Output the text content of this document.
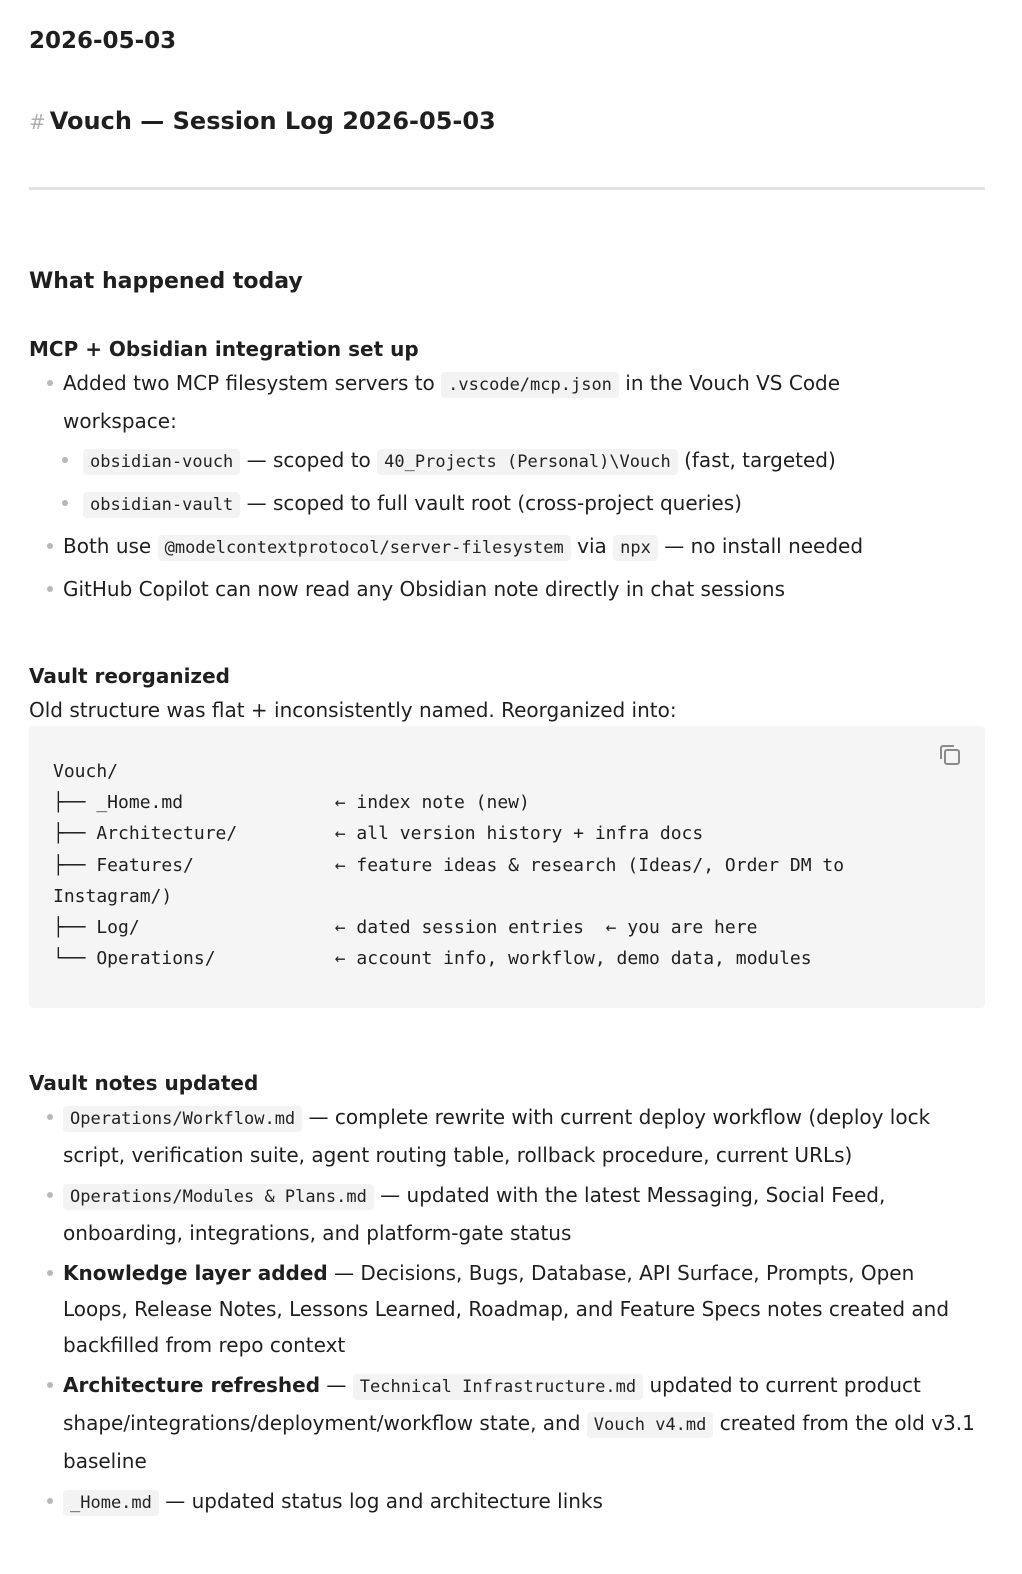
2026-05-03
# Vouch — Session Log 2026-05-03
What happened today
MCP + Obsidian integration set up
Added two MCP filesystem servers to .vscode/mcp.json in the Vouch VS Code workspace:
obsidian-vouch — scoped to 40_Projects (Personal)\Vouch (fast, targeted)
obsidian-vault — scoped to full vault root (cross-project queries)
Both use @modelcontextprotocol/server-filesystem via npx — no install needed
GitHub Copilot can now read any Obsidian note directly in chat sessions
Vault reorganized
Old structure was flat + inconsistently named. Reorganized into:
Vouch/
├── _Home.md              ← index note (new)
├── Architecture/         ← all version history + infra docs
├── Features/             ← feature ideas & research (Ideas/, Order DM to
Instagram/)
├── Log/                  ← dated session entries  ← you are here
└── Operations/           ← account info, workflow, demo data, modules
Vault notes updated
Operations/Workflow.md — complete rewrite with current deploy workflow (deploy lock script, verification suite, agent routing table, rollback procedure, current URLs)
Operations/Modules & Plans.md — updated with the latest Messaging, Social Feed, onboarding, integrations, and platform-gate status
Knowledge layer added — Decisions, Bugs, Database, API Surface, Prompts, Open Loops, Release Notes, Lessons Learned, Roadmap, and Feature Specs notes created and backfilled from repo context
Architecture refreshed — Technical Infrastructure.md updated to current product shape/integrations/deployment/workflow state, and Vouch v4.md created from the old v3.1 baseline
_Home.md — updated status log and architecture links
